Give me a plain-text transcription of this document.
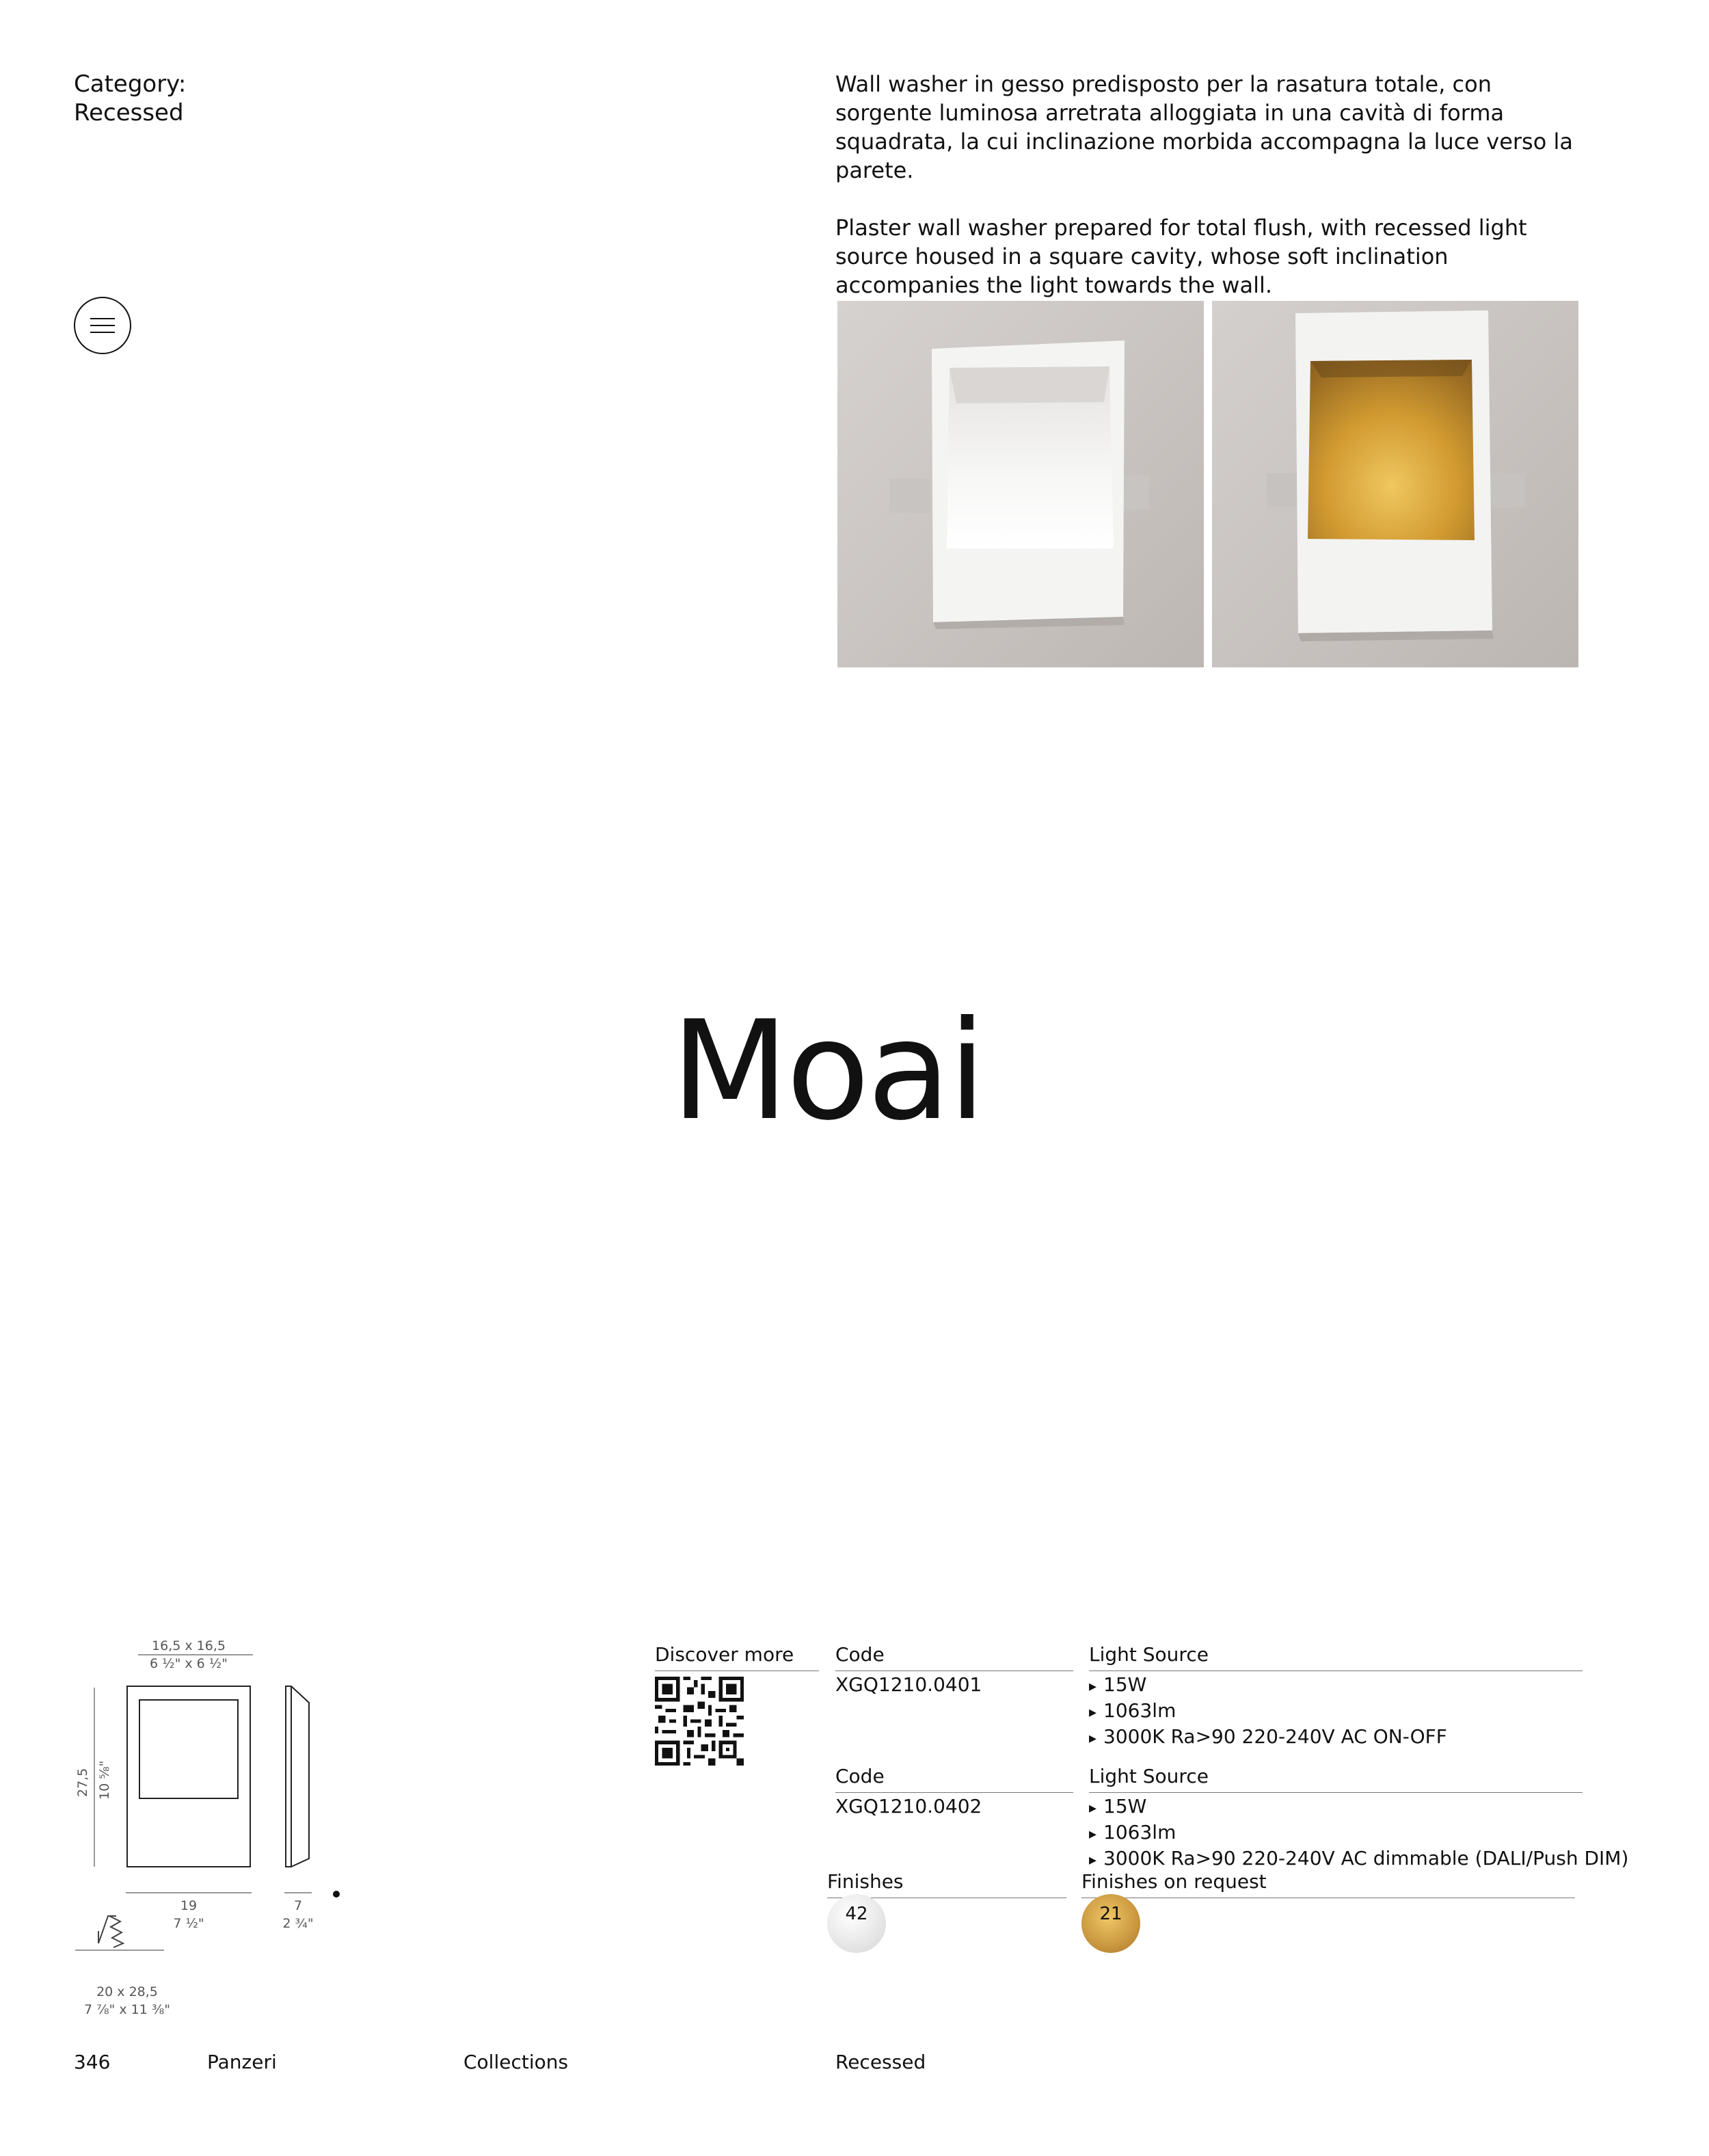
Category:
Recessed

Wall washer in gesso predisposto per la rasatura totale, con sorgente luminosa arretrata alloggiata in una cavità di forma squadrata, la cui inclinazione morbida accompagna la luce verso la parete.

Plaster wall washer prepared for total flush, with recessed light source housed in a square cavity, whose soft inclination accompanies the light towards the wall.

Moai
16,5 x 16,5
6 ½" x 6 ½"
27,5 10 ⅝"
19
7 ½"
7
2 ¾"
20 x 28,5
7 ⅞" x 11 ⅜"
Discover more Code
XGQ1210.0401
Light Source
▸ 15W
▸ 1063lm
▸ 3000K Ra>90 220-240V AC ON-OFF
Code
XGQ1210.0402
Light Source
▸ 15W
▸ 1063lm
▸ 3000K Ra>90 220-240V AC dimmable (DALI/Push DIM)
Finishes
42
Finishes on request
21
346	Panzeri	Collections	Recessed
